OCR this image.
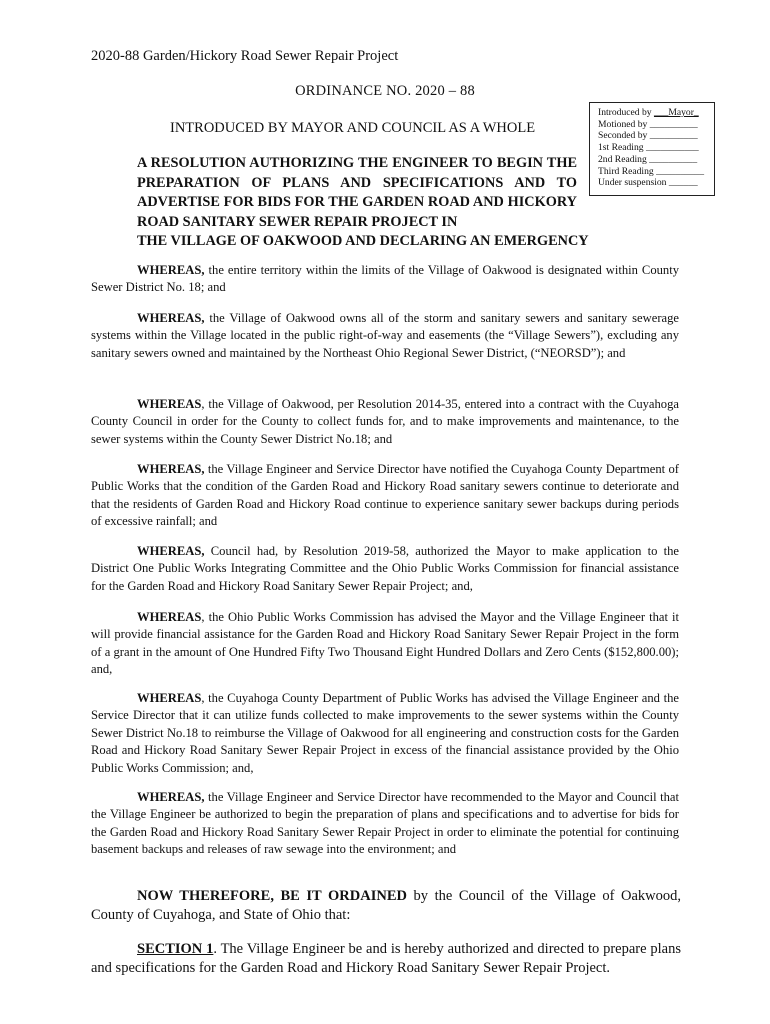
2020-88 Garden/Hickory Road Sewer Repair Project
ORDINANCE NO. 2020 – 88
Introduced by ___Mayor_
Motioned by __________
Seconded by __________
1st Reading ___________
2nd Reading __________
Third Reading __________
Under suspension ______
INTRODUCED BY MAYOR AND COUNCIL AS A WHOLE
A RESOLUTION AUTHORIZING THE ENGINEER TO BEGIN THE PREPARATION OF PLANS AND SPECIFICATIONS AND TO ADVERTISE FOR BIDS FOR THE GARDEN ROAD AND HICKORY ROAD SANITARY SEWER REPAIR PROJECT IN
THE VILLAGE OF OAKWOOD AND DECLARING AN EMERGENCY

WHEREAS, the entire territory within the limits of the Village of Oakwood is designated within County Sewer District No. 18; and

WHEREAS, the Village of Oakwood owns all of the storm and sanitary sewers and sanitary sewerage systems within the Village located in the public right-of-way and easements (the “Village Sewers”), excluding any sanitary sewers owned and maintained by the Northeast Ohio Regional Sewer District, (“NEORSD”); and

WHEREAS, the Village of Oakwood, per Resolution 2014-35, entered into a contract with the Cuyahoga County Council in order for the County to collect funds for, and to make improvements and maintenance, to the sewer systems within the County Sewer District No.18; and

WHEREAS, the Village Engineer and Service Director have notified the Cuyahoga County Department of Public Works that the condition of the Garden Road and Hickory Road sanitary sewers continue to deteriorate and that the residents of Garden Road and Hickory Road continue to experience sanitary sewer backups during periods of excessive rainfall; and

WHEREAS, Council had, by Resolution 2019-58, authorized the Mayor to make application to the District One Public Works Integrating Committee and the Ohio Public Works Commission for financial assistance for the Garden Road and Hickory Road Sanitary Sewer Repair Project; and,

WHEREAS, the Ohio Public Works Commission has advised the Mayor and the Village Engineer that it will provide financial assistance for the Garden Road and Hickory Road Sanitary Sewer Repair Project in the form of a grant in the amount of One Hundred Fifty Two Thousand Eight Hundred Dollars and Zero Cents ($152,800.00); and,

WHEREAS, the Cuyahoga County Department of Public Works has advised the Village Engineer and the Service Director that it can utilize funds collected to make improvements to the sewer systems within the County Sewer District No.18 to reimburse the Village of Oakwood for all engineering and construction costs for the Garden Road and Hickory Road Sanitary Sewer Repair Project in excess of the financial assistance provided by the Ohio Public Works Commission; and,

WHEREAS, the Village Engineer and Service Director have recommended to the Mayor and Council that the Village Engineer be authorized to begin the preparation of plans and specifications and to advertise for bids for the Garden Road and Hickory Road Sanitary Sewer Repair Project in order to eliminate the potential for continuing basement backups and releases of raw sewage into the environment; and

NOW THEREFORE, BE IT ORDAINED by the Council of the Village of Oakwood, County of Cuyahoga, and State of Ohio that:
SECTION 1. The Village Engineer be and is hereby authorized and directed to prepare plans and specifications for the Garden Road and Hickory Road Sanitary Sewer Repair Project.
